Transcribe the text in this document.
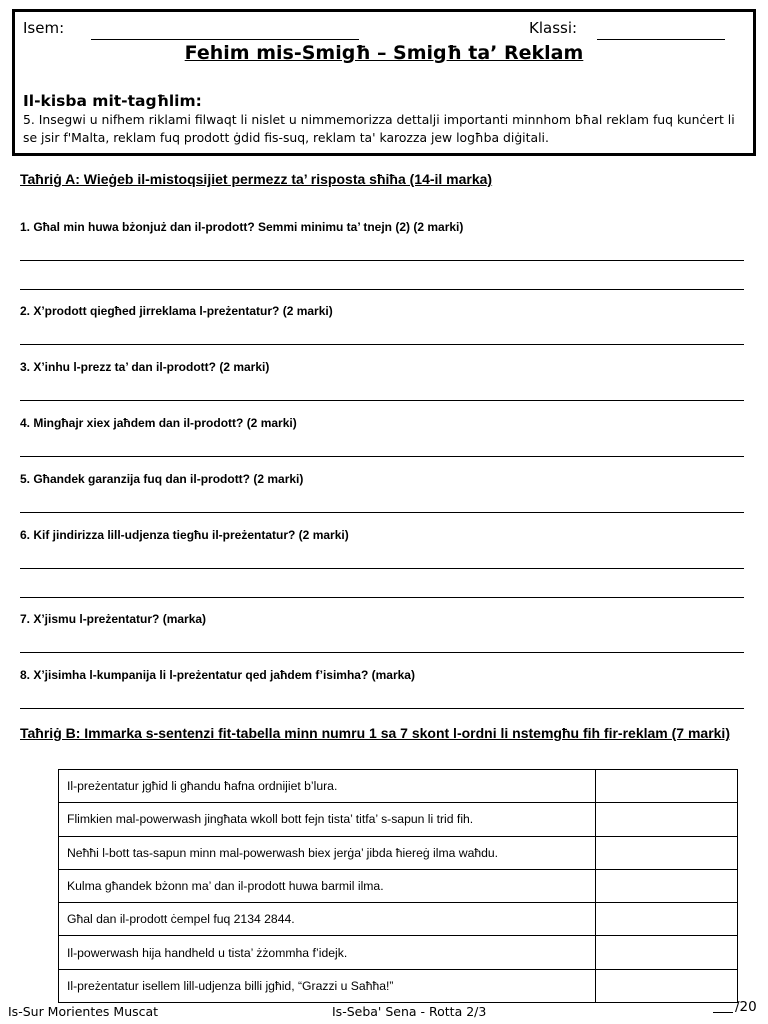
Isem:	Klassi:
Fehim mis-Smigħ – Smigħ ta’ Reklam
Il-kisba mit-tagħlim:
5. Insegwi u nifhem riklami filwaqt li nislet u nimmemorizza dettalji importanti minnhom bħal reklam fuq kunċert li se jsir f'Malta, reklam fuq prodott ġdid fis-suq, reklam ta' karozza jew logħba diġitali.
Taħriġ A: Wieġeb il-mistoqsijiet permezz ta’ risposta sħiħa (14-il marka)
1. Għal min huwa bżonjuż dan il-prodott? Semmi minimu ta’ tnejn (2) (2 marki)
2. X’prodott qiegħed jirreklama l-preżentatur? (2 marki)
3. X’inhu l-prezz ta’ dan il-prodott? (2 marki)
4. Mingħajr xiex jaħdem dan il-prodott? (2 marki)
5. Għandek garanzija fuq dan il-prodott? (2 marki)
6. Kif jindirizza lill-udjenza tiegħu il-preżentatur? (2 marki)
7. X’jismu l-preżentatur? (marka)
8. X’jisimha l-kumpanija li l-preżentatur qed jaħdem f’isimha? (marka)
Taħriġ B: Immarka s-sentenzi fit-tabella minn numru 1 sa 7 skont l-ordni li nstemgħu fih fir-reklam (7 marki)
Il-preżentatur jgħid li għandu ħafna ordnijiet b’lura.	
Flimkien mal-powerwash jingħata wkoll bott fejn tista’ titfa’ s-sapun li trid fih.	
Neħħi l-bott tas-sapun minn mal-powerwash biex jerġa’ jibda ħiereġ ilma waħdu.	
Kulma għandek bżonn ma’ dan il-prodott huwa barmil ilma.	
Għal dan il-prodott ċempel fuq 2134 2844.	
Il-powerwash hija handheld u tista’ żżommha f’idejk.	
Il-preżentatur isellem lill-udjenza billi jgħid, “Grazzi u Saħħa!”	
Is-Sur Morientes Muscat	Is-Seba' Sena - Rotta 2/3	/20
